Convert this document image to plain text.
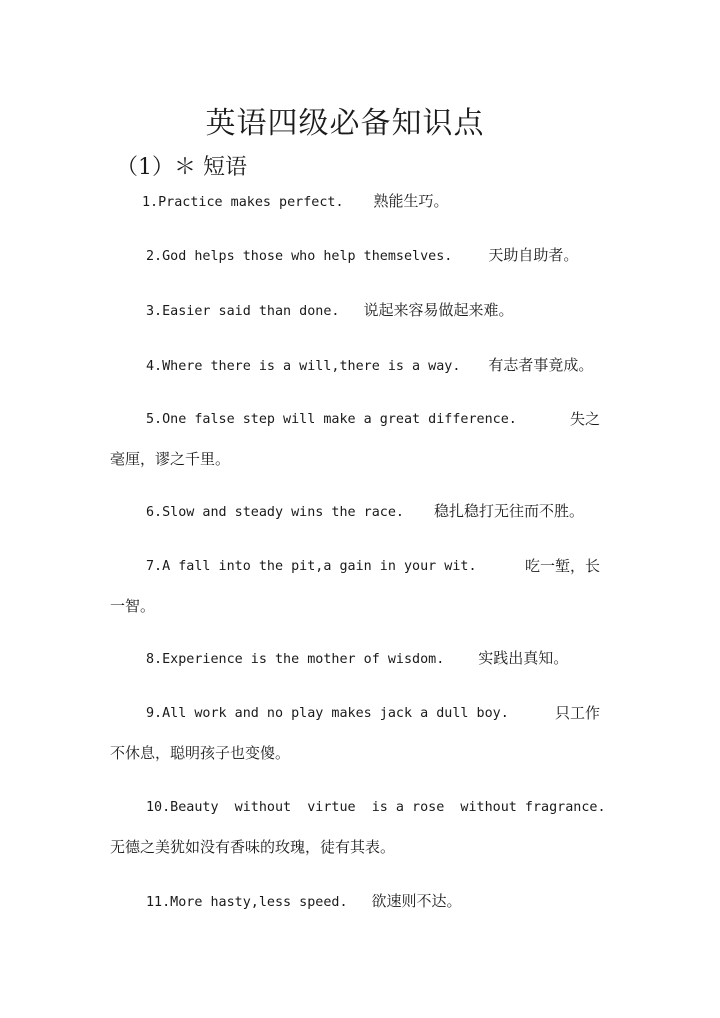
英语四级必备知识点
（1）＊ 短语
1.Practice makes perfect. 熟能生巧。
2.God helps those who help themselves. 天助自助者。
3.Easier said than done. 说起来容易做起来难。
4.Where there is a will,there is a way. 有志者事竟成。
5.One false step will make a great difference.	失之
毫厘，谬之千里。
6.Slow and steady wins the race. 稳扎稳打无往而不胜。
7.A fall into the pit,a gain in your wit.	吃一堑，长
一智。
8.Experience is the mother of wisdom. 实践出真知。
9.All work and no play makes jack a dull boy.	只工作
不休息，聪明孩子也变傻。
10.Beauty  without  virtue  is a rose  without fragrance.
无德之美犹如没有香味的玫瑰，徒有其表。
11.More hasty,less speed. 欲速则不达。
